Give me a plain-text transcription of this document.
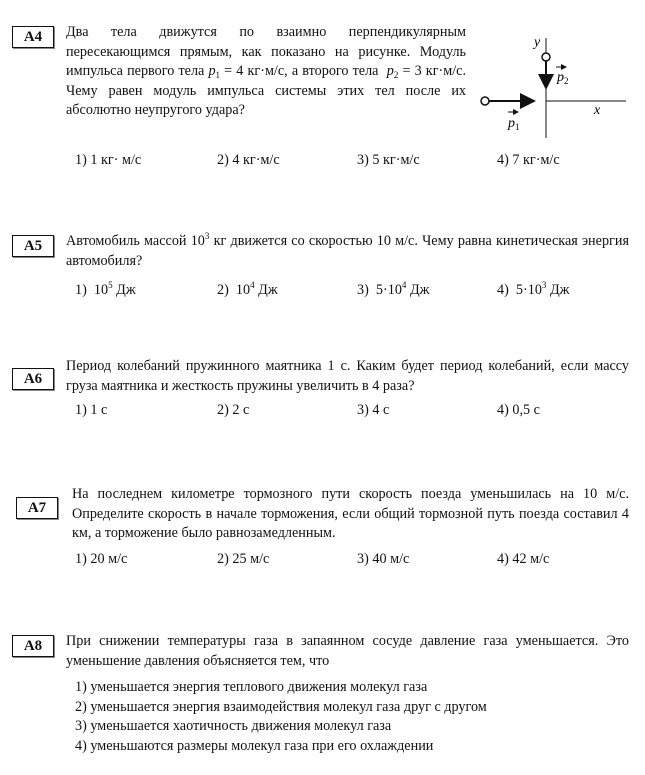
A4 Два тела движутся по взаимно перпендикулярным пересекающимся прямым, как показано на рисунке. Модуль импульса первого тела $p_1 = 4$ кг·м/с, а второго тела  $p_2 = 3$ кг·м/с. Чему равен модуль импульса системы этих тел после их абсолютно неупругого удара?	x
y
$p_2$
$p_1$
1) 1 кг· м/с	2) 4 кг·м/с	3) 5 кг·м/с	4) 7 кг·м/с
A5 Автомобиль массой $10^3$ кг движется со скоростью 10 м/с. Чему равна кинетическая энергия автомобиля?
1)  $10^5$ Дж	2)  $10^4$ Дж	3)  $5\cdot 10^4$ Дж	4)  $5\cdot 10^3$ Дж
A6
Период колебаний пружинного маятника 1 с. Каким будет период колебаний, если массу груза маятника и жесткость пружины увеличить в 4 раза?
1) 1 с	2) 2 с	3) 4 с	4) 0,5 с
A7
На последнем километре тормозного пути скорость поезда уменьшилась на 10 м/с. Определите скорость в начале торможения, если общий тормозной путь поезда составил 4 км, а торможение было равнозамедленным.
1) 20 м/с	2) 25 м/с	3) 40 м/с	4) 42 м/с
A8 При снижении температуры газа в запаянном сосуде давление газа уменьшается. Это уменьшение давления объясняется тем, что
1) уменьшается энергия теплового движения молекул газа
2) уменьшается энергия взаимодействия молекул газа друг с другом
3) уменьшается хаотичность движения молекул газа
4) уменьшаются размеры молекул газа при его охлаждении
